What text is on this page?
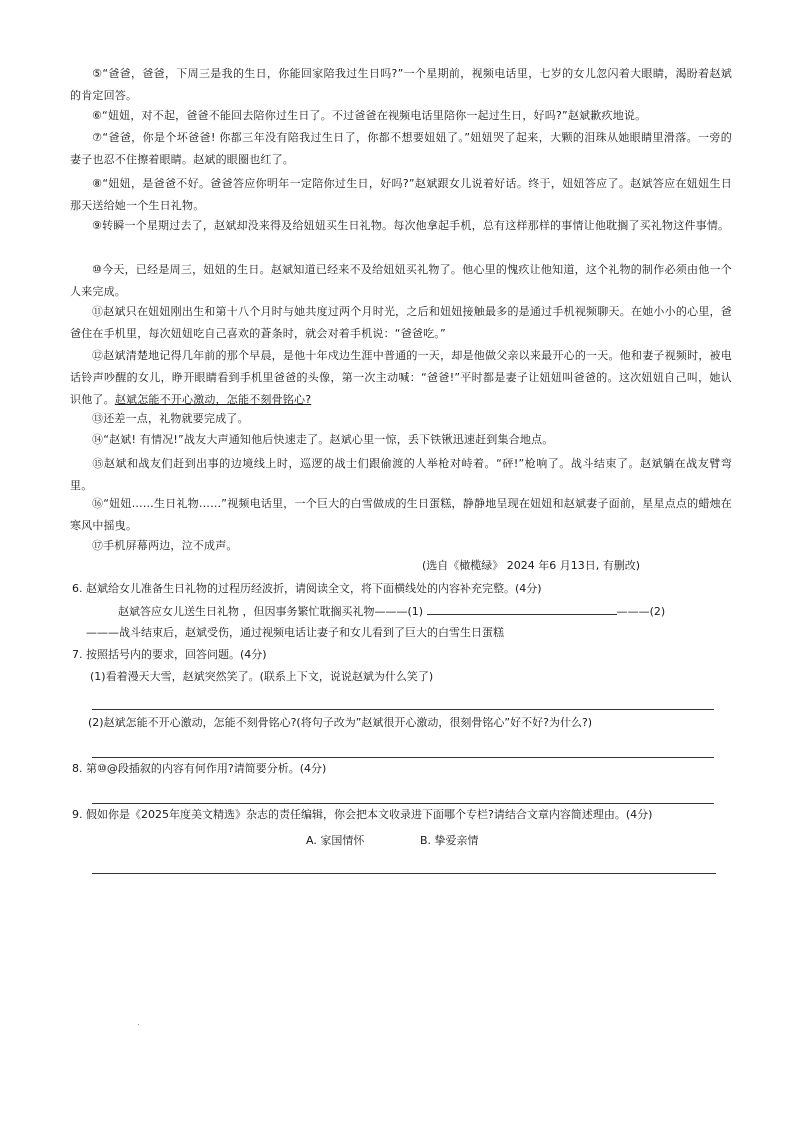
⑤“爸爸，爸爸，下周三是我的生日，你能回家陪我过生日吗?”一个星期前，视频电话里，七岁的女儿忽闪着大眼睛，渴盼着赵斌的肯定回答。

⑥“妞妞，对不起，爸爸不能回去陪你过生日了。不过爸爸在视频电话里陪你一起过生日，好吗?”赵斌歉疚地说。

⑦“爸爸，你是个坏爸爸! 你都三年没有陪我过生日了，你都不想要妞妞了。”妞妞哭了起来，大颗的泪珠从她眼睛里滑落。一旁的妻子也忍不住擦着眼睛。赵斌的眼圈也红了。

⑧“妞妞，是爸爸不好。爸爸答应你明年一定陪你过生日，好吗?”赵斌跟女儿说着好话。终于，妞妞答应了。赵斌答应在妞妞生日那天送给她一个生日礼物。

⑨转瞬一个星期过去了，赵斌却没来得及给妞妞买生日礼物。每次他拿起手机，总有这样那样的事情让他耽搁了买礼物这件事情。

⑩今天，已经是周三，妞妞的生日。赵斌知道已经来不及给妞妞买礼物了。他心里的愧疚让他知道，这个礼物的制作必须由他一个人来完成。

⑪赵斌只在妞妞刚出生和第十八个月时与她共度过两个月时光，之后和妞妞接触最多的是通过手机视频聊天。在她小小的心里，爸爸住在手机里，每次妞妞吃自己喜欢的蒼条时，就会对着手机说：“爸爸吃。”

⑫赵斌清楚地记得几年前的那个早晨，是他十年戍边生涯中普通的一天，却是他做父亲以来最开心的一天。他和妻子视频时，被电话铃声吵醒的女儿，睁开眼睛看到手机里爸爸的头像，第一次主动喊：“爸爸!”平时都是妻子让妞妞叫爸爸的。这次妞妞自己叫，她认识他了。赵斌怎能不开心激动，怎能不刻骨铭心?

⑬还差一点，礼物就要完成了。

⑭“赵斌! 有情况!”战友大声通知他后快速走了。赵斌心里一惊，丢下铁锹迅速赶到集合地点。

⑮赵斌和战友们赶到出事的边境线上时，巡逻的战士们跟偷渡的人举枪对峙着。“砰!”枪响了。战斗结束了。赵斌躺在战友臂弯里。

⑯“妞妞……生日礼物……”视频电话里，一个巨大的白雪做成的生日蛋糕，静静地呈现在妞妞和赵斌妻子面前，星星点点的蜡烛在寒风中摇曳。

⑰手机屏幕两边，泣不成声。

(选自《橄榄绿》 2024 年6 月13日, 有删改)
6. 赵斌给女儿准备生日礼物的过程历经波折，请阅读全文，将下面横线处的内容补充完整。(4分)
赵斌答应女儿送生日礼物 ，但因事务繁忙耽搁买礼物———(1)	———(2)
———战斗结束后，赵斌受伤，通过视频电话让妻子和女儿看到了巨大的白雪生日蛋糕
7. 按照括号内的要求，回答问题。(4分)
(1)看着漫天大雪，赵斌突然笑了。(联系上下文，说说赵斌为什么笑了)
(2)赵斌怎能不开心激动，怎能不刻骨铭心?(将句子改为”赵斌很开心激动，很刻骨铭心”好不好?为什么?)
8. 第⑩@段插叙的内容有何作用?请简要分析。(4分)
9. 假如你是《2025年度美文精选》杂志的责任编辑，你会把本文收录进下面哪个专栏?请结合文章内容简述理由。(4分)
A. 家国情怀	B. 挚爱亲情
